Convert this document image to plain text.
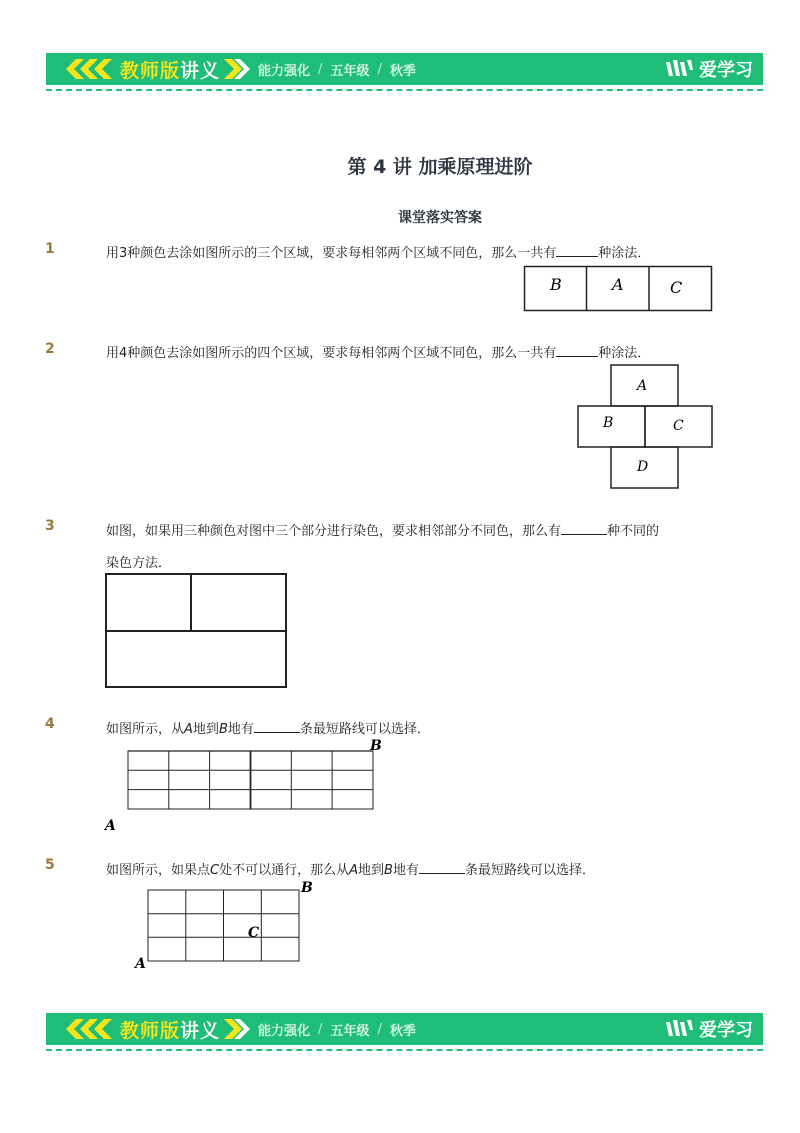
教师版讲义	能力强化 / 五年级 / 秋季	爱学习
第 4 讲 加乘原理进阶
课堂落实答案
1	用3种颜色去涂如图所示的三个区域，要求每相邻两个区域不同色，那么一共有	种涂法．
B	A	C
2	用4种颜色去涂如图所示的四个区域，要求每相邻两个区域不同色，那么一共有	种涂法．
A
B	C
D
3	如图，如果用三种颜色对图中三个部分进行染色，要求相邻部分不同色，那么有	种不同的
染色方法．
4	如图所示，从A地到B地有	条最短路线可以选择．
A
B
5	如图所示，如果点C处不可以通行，那么从A地到B地有	条最短路线可以选择．
A
B
C
教师版讲义	能力强化 / 五年级 / 秋季	爱学习
